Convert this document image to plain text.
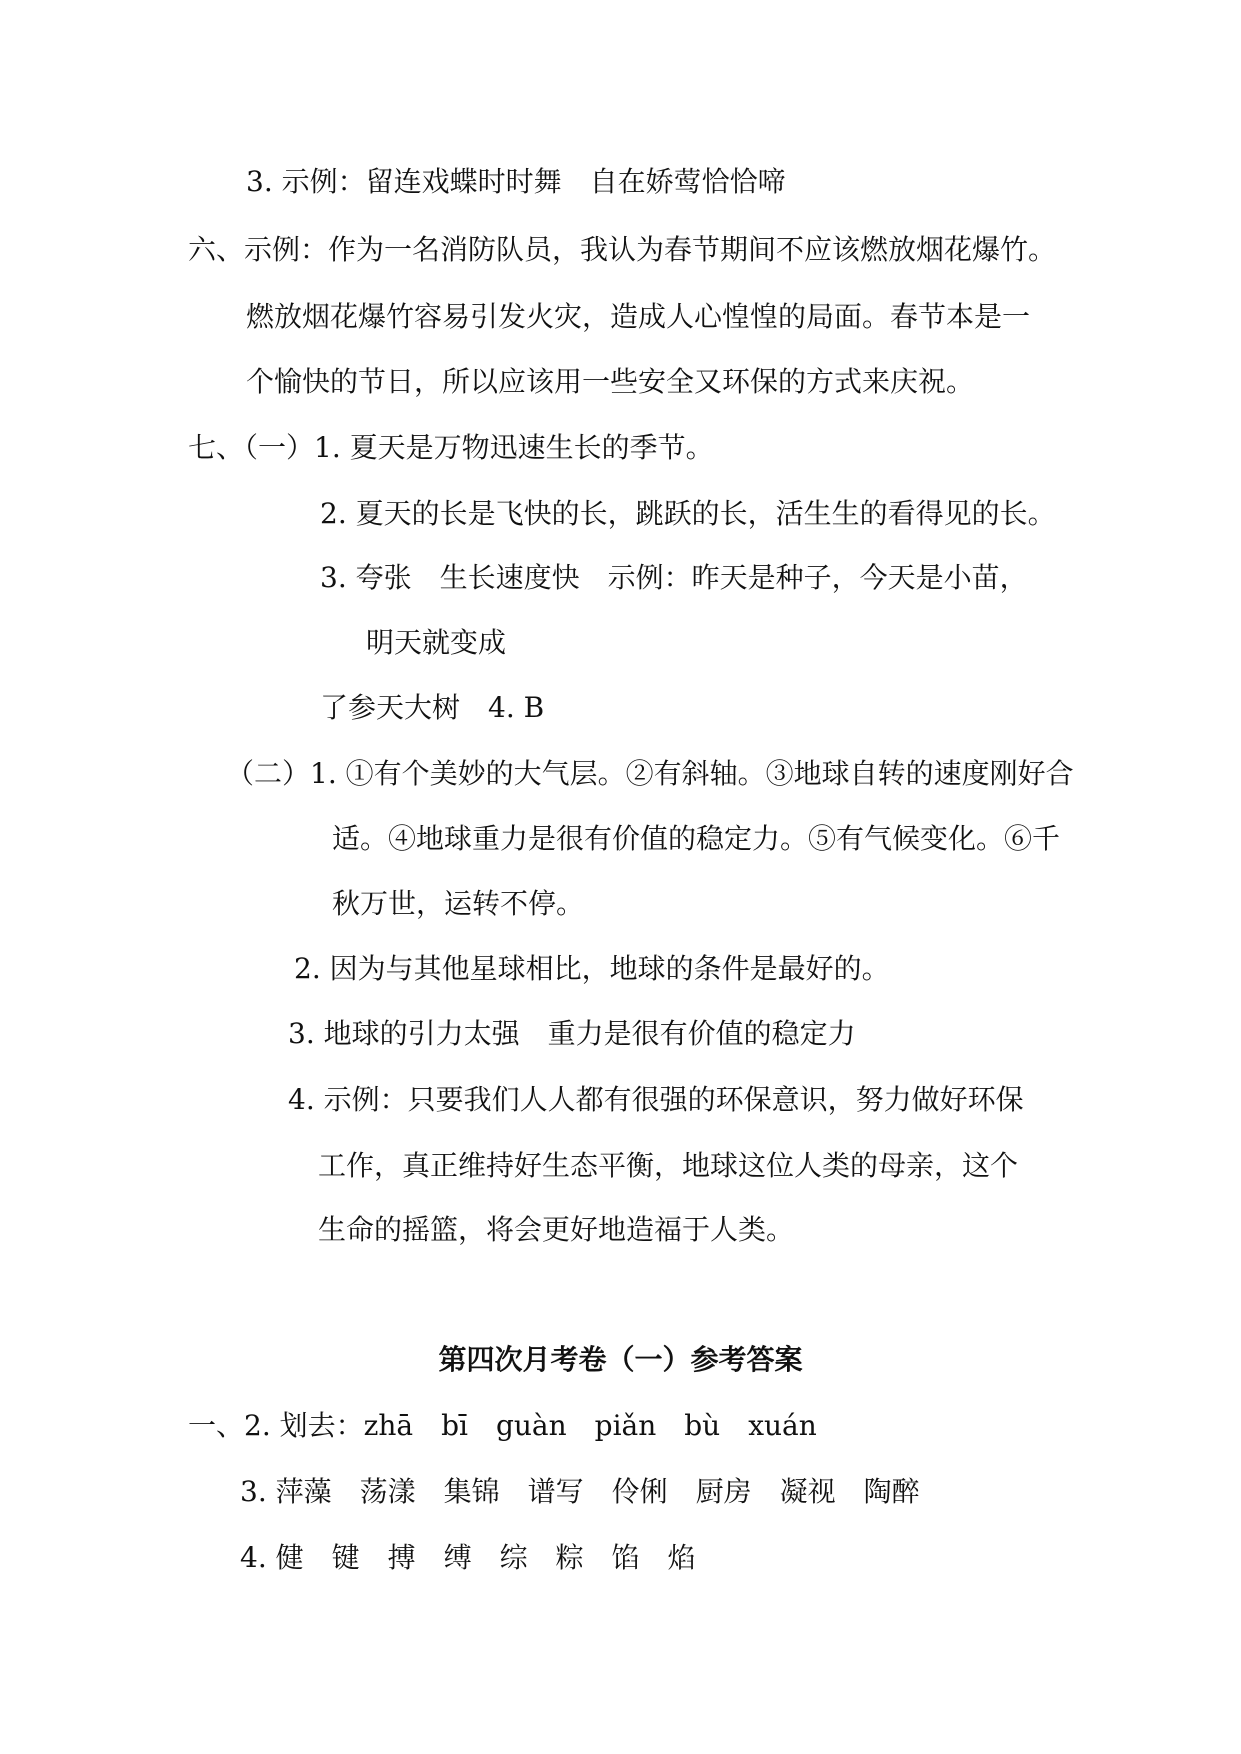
3. 示例：留连戏蝶时时舞　自在娇莺恰恰啼
六、示例：作为一名消防队员，我认为春节期间不应该燃放烟花爆竹。
燃放烟花爆竹容易引发火灾，造成人心惶惶的局面。春节本是一
个愉快的节日，所以应该用一些安全又环保的方式来庆祝。
七、（一）1. 夏天是万物迅速生长的季节。
2. 夏天的长是飞快的长，跳跃的长，活生生的看得见的长。
3. 夸张　生长速度快　示例：昨天是种子，今天是小苗，
明天就变成
了参天大树　4. B
（二）1. ①有个美妙的大气层。②有斜轴。③地球自转的速度刚好合
适。④地球重力是很有价值的稳定力。⑤有气候变化。⑥千
秋万世，运转不停。
2. 因为与其他星球相比，地球的条件是最好的。
3. 地球的引力太强　重力是很有价值的稳定力
4. 示例：只要我们人人都有很强的环保意识，努力做好环保
工作，真正维持好生态平衡，地球这位人类的母亲，这个
生命的摇篮，将会更好地造福于人类。
第四次月考卷（一）参考答案
一、2. 划去：zhā　bī　guàn　piǎn　bù　xuán
3. 萍藻　荡漾　集锦　谱写　伶俐　厨房　凝视　陶醉
4. 健　键　搏　缚　综　粽　馅　焰
